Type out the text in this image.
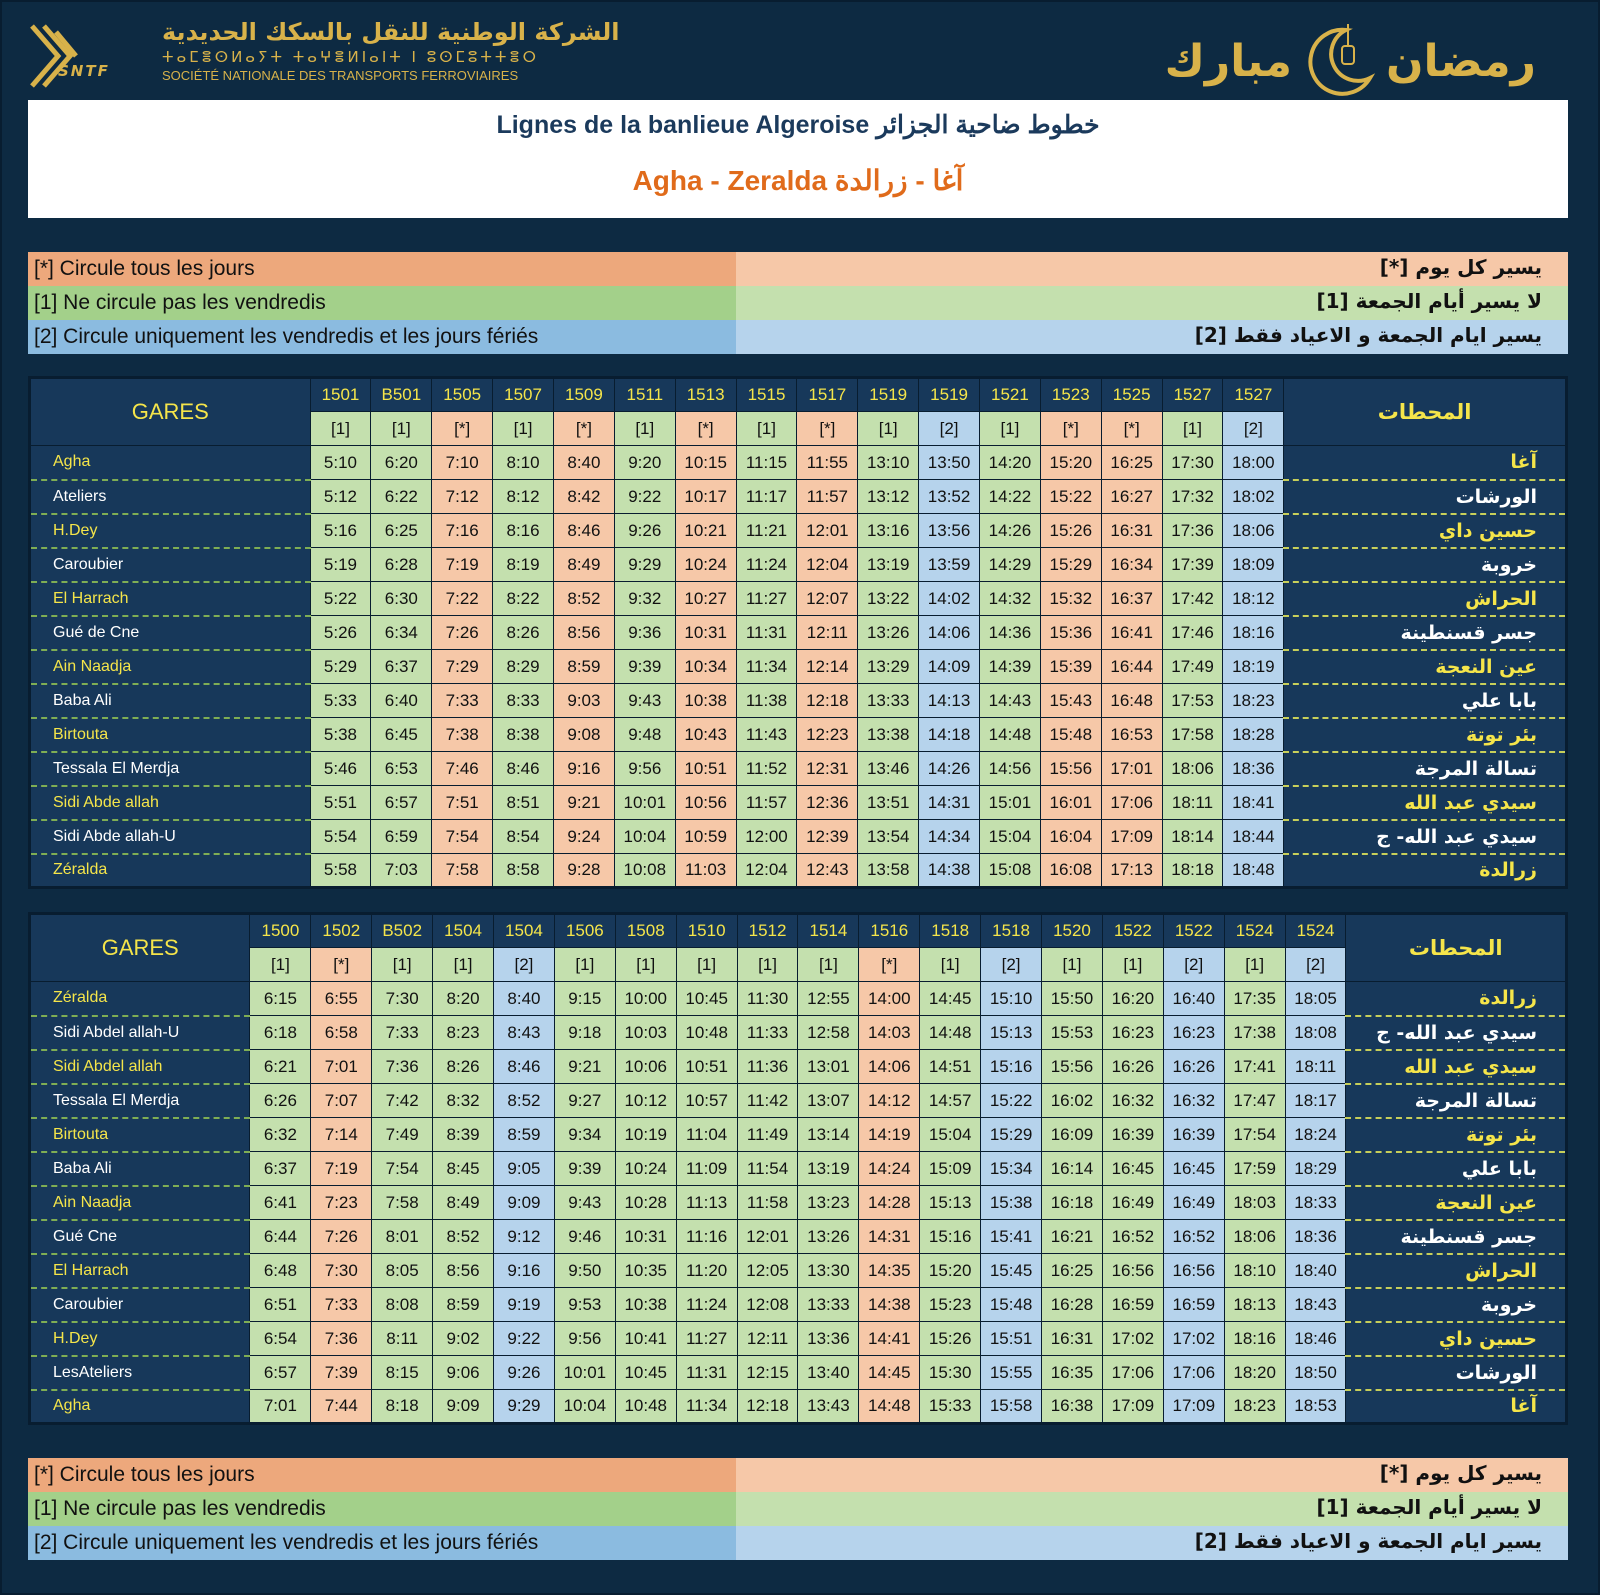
SNTF
الشركة الوطنية للنقل بالسكك الحديدية
ⵜⴰⵎⴻⵙⵍⴰⵢⵜ ⵜⴰⵖⴻⵍⵏⴰⵏⵜ ⵏ ⵓⵙⵎⵓⵜⵜⴻⵔ
SOCIÉTÉ NATIONALE DES TRANSPORTS FERROVIAIRES	مبارك رمضان
Lignes de la banlieue Algeroise خطوط ضاحية الجزائر
Agha - Zeralda آغا - زرالدة
[*] Circule tous les jours	يسير كل يوم [*]
[1] Ne circule pas les vendredis	لا يسير أيام الجمعة [1]
[2] Circule uniquement les vendredis et les jours fériés	يسير ايام الجمعة و الاعياد فقط [2]
GARES	1501	B501	1505	1507	1509	1511	1513	1515	1517	1519	1519	1521	1523	1525	1527	1527	المحطات
	[1]	[1]	[*]	[1]	[*]	[1]	[*]	[1]	[*]	[1]	[2]	[1]	[*]	[*]	[1]	[2]	
Agha	5:10	6:20	7:10	8:10	8:40	9:20	10:15	11:15	11:55	13:10	13:50	14:20	15:20	16:25	17:30	18:00	آغا
Ateliers	5:12	6:22	7:12	8:12	8:42	9:22	10:17	11:17	11:57	13:12	13:52	14:22	15:22	16:27	17:32	18:02	الورشات
H.Dey	5:16	6:25	7:16	8:16	8:46	9:26	10:21	11:21	12:01	13:16	13:56	14:26	15:26	16:31	17:36	18:06	حسين داي
Caroubier	5:19	6:28	7:19	8:19	8:49	9:29	10:24	11:24	12:04	13:19	13:59	14:29	15:29	16:34	17:39	18:09	خروبة
El Harrach	5:22	6:30	7:22	8:22	8:52	9:32	10:27	11:27	12:07	13:22	14:02	14:32	15:32	16:37	17:42	18:12	الحراش
Gué de Cne	5:26	6:34	7:26	8:26	8:56	9:36	10:31	11:31	12:11	13:26	14:06	14:36	15:36	16:41	17:46	18:16	جسر قسنطينة
Ain Naadja	5:29	6:37	7:29	8:29	8:59	9:39	10:34	11:34	12:14	13:29	14:09	14:39	15:39	16:44	17:49	18:19	عين النعجة
Baba Ali	5:33	6:40	7:33	8:33	9:03	9:43	10:38	11:38	12:18	13:33	14:13	14:43	15:43	16:48	17:53	18:23	بابا علي
Birtouta	5:38	6:45	7:38	8:38	9:08	9:48	10:43	11:43	12:23	13:38	14:18	14:48	15:48	16:53	17:58	18:28	بئر توتة
Tessala El Merdja	5:46	6:53	7:46	8:46	9:16	9:56	10:51	11:52	12:31	13:46	14:26	14:56	15:56	17:01	18:06	18:36	تسالة المرجة
Sidi Abde allah	5:51	6:57	7:51	8:51	9:21	10:01	10:56	11:57	12:36	13:51	14:31	15:01	16:01	17:06	18:11	18:41	سيدي عبد الله
Sidi Abde allah-U	5:54	6:59	7:54	8:54	9:24	10:04	10:59	12:00	12:39	13:54	14:34	15:04	16:04	17:09	18:14	18:44	سيدي عبد الله- ج
Zéralda	5:58	7:03	7:58	8:58	9:28	10:08	11:03	12:04	12:43	13:58	14:38	15:08	16:08	17:13	18:18	18:48	زرالدة
GARES	1500	1502	B502	1504	1504	1506	1508	1510	1512	1514	1516	1518	1518	1520	1522	1522	1524	1524	المحطات
	[1]	[*]	[1]	[1]	[2]	[1]	[1]	[1]	[1]	[1]	[*]	[1]	[2]	[1]	[1]	[2]	[1]	[2]	
Zéralda	6:15	6:55	7:30	8:20	8:40	9:15	10:00	10:45	11:30	12:55	14:00	14:45	15:10	15:50	16:20	16:40	17:35	18:05	زرالدة
Sidi Abdel allah-U	6:18	6:58	7:33	8:23	8:43	9:18	10:03	10:48	11:33	12:58	14:03	14:48	15:13	15:53	16:23	16:23	17:38	18:08	سيدي عبد الله- ج
Sidi Abdel allah	6:21	7:01	7:36	8:26	8:46	9:21	10:06	10:51	11:36	13:01	14:06	14:51	15:16	15:56	16:26	16:26	17:41	18:11	سيدي عبد الله
Tessala El Merdja	6:26	7:07	7:42	8:32	8:52	9:27	10:12	10:57	11:42	13:07	14:12	14:57	15:22	16:02	16:32	16:32	17:47	18:17	تسالة المرجة
Birtouta	6:32	7:14	7:49	8:39	8:59	9:34	10:19	11:04	11:49	13:14	14:19	15:04	15:29	16:09	16:39	16:39	17:54	18:24	بئر توتة
Baba Ali	6:37	7:19	7:54	8:45	9:05	9:39	10:24	11:09	11:54	13:19	14:24	15:09	15:34	16:14	16:45	16:45	17:59	18:29	بابا علي
Ain Naadja	6:41	7:23	7:58	8:49	9:09	9:43	10:28	11:13	11:58	13:23	14:28	15:13	15:38	16:18	16:49	16:49	18:03	18:33	عين النعجة
Gué Cne	6:44	7:26	8:01	8:52	9:12	9:46	10:31	11:16	12:01	13:26	14:31	15:16	15:41	16:21	16:52	16:52	18:06	18:36	جسر قسنطينة
El Harrach	6:48	7:30	8:05	8:56	9:16	9:50	10:35	11:20	12:05	13:30	14:35	15:20	15:45	16:25	16:56	16:56	18:10	18:40	الحراش
Caroubier	6:51	7:33	8:08	8:59	9:19	9:53	10:38	11:24	12:08	13:33	14:38	15:23	15:48	16:28	16:59	16:59	18:13	18:43	خروبة
H.Dey	6:54	7:36	8:11	9:02	9:22	9:56	10:41	11:27	12:11	13:36	14:41	15:26	15:51	16:31	17:02	17:02	18:16	18:46	حسين داي
LesAteliers	6:57	7:39	8:15	9:06	9:26	10:01	10:45	11:31	12:15	13:40	14:45	15:30	15:55	16:35	17:06	17:06	18:20	18:50	الورشات
Agha	7:01	7:44	8:18	9:09	9:29	10:04	10:48	11:34	12:18	13:43	14:48	15:33	15:58	16:38	17:09	17:09	18:23	18:53	آغا
[*] Circule tous les jours	يسير كل يوم [*]
[1] Ne circule pas les vendredis	لا يسير أيام الجمعة [1]
[2] Circule uniquement les vendredis et les jours fériés	يسير ايام الجمعة و الاعياد فقط [2]
